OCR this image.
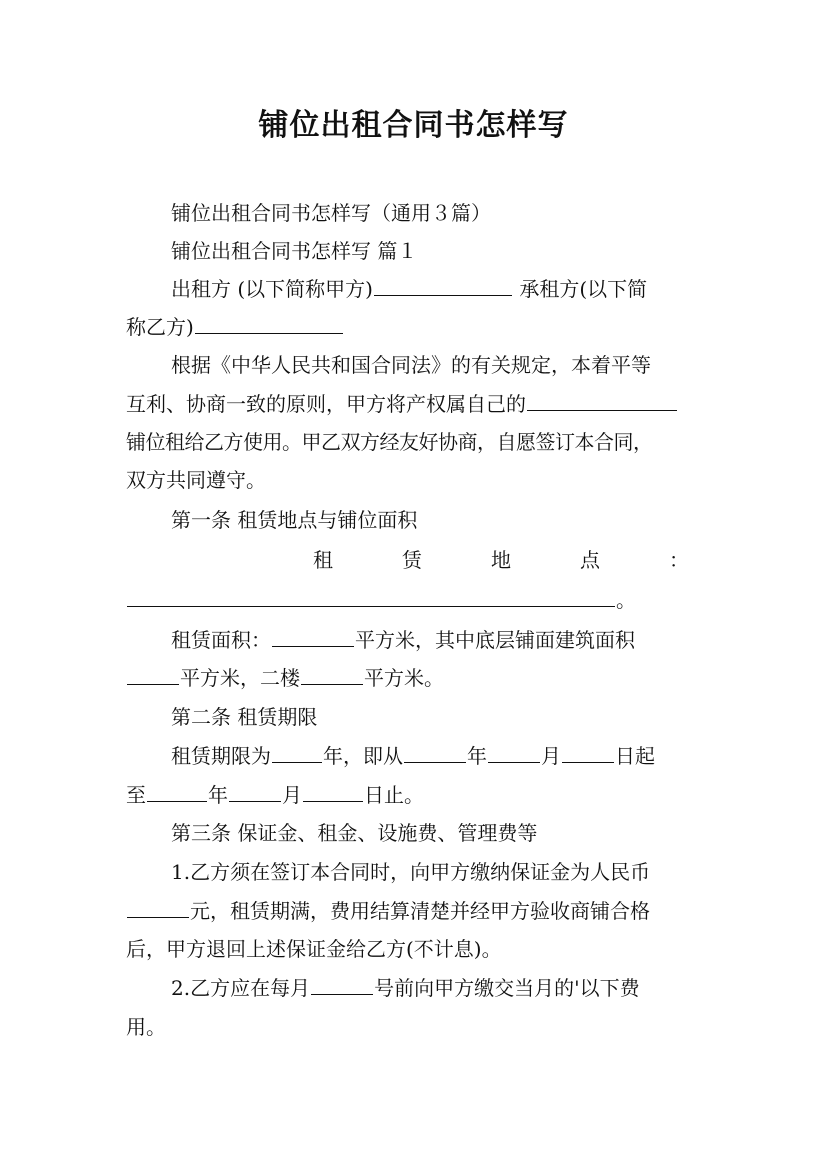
铺位出租合同书怎样写
铺位出租合同书怎样写（通用３篇）
铺位出租合同书怎样写 篇１
出租方 (以下简称甲方)	承租方(以下简
称乙方)
根据《中华人民共和国合同法》的有关规定，本着平等
互利、协商一致的原则，甲方将产权属自己的
铺位租给乙方使用。甲乙双方经友好协商，自愿签订本合同，
双方共同遵守。
第一条 租赁地点与铺位面积
租	赁	地	点	：
。
租赁面积：	平方米，其中底层铺面建筑面积
平方米，二楼	平方米。
第二条 租赁期限
租赁期限为	年，即从	年	月	日起
至	年	月	日止。
第三条 保证金、租金、设施费、管理费等
1.乙方须在签订本合同时，向甲方缴纳保证金为人民币
元，租赁期满，费用结算清楚并经甲方验收商铺合格
后，甲方退回上述保证金给乙方(不计息)。
2.乙方应在每月	号前向甲方缴交当月的'以下费
用。
